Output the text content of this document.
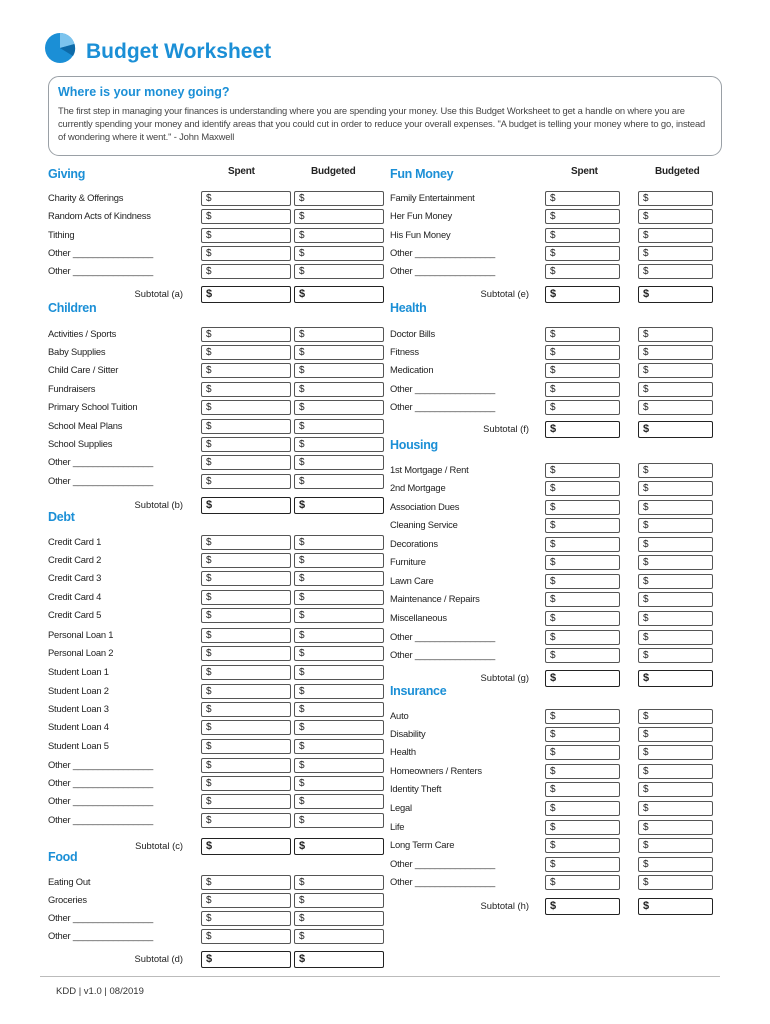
Budget Worksheet
Where is your money going?
The first step in managing your finances is understanding where you are spending your money. Use this Budget Worksheet to get a handle on where you are currently spending your money and identify areas that you could cut in order to reduce your overall expenses. "A budget is telling your money where to go, instead of wondering where it went." - John Maxwell
Spent	Budgeted	Spent	Budgeted
Giving
Charity & Offerings	$	$
Random Acts of Kindness	$	$
Tithing	$	$
Other ________________	$	$
Other ________________	$	$
Subtotal (a)	$	$
Children
Activities / Sports	$	$
Baby Supplies	$	$
Child Care / Sitter	$	$
Fundraisers	$	$
Primary School Tuition	$	$
School Meal Plans	$	$
School Supplies	$	$
Other ________________	$	$
Other ________________	$	$
Subtotal (b)	$	$
Debt
Credit Card 1	$	$
Credit Card 2	$	$
Credit Card 3	$	$
Credit Card 4	$	$
Credit Card 5	$	$
Personal Loan 1	$	$
Personal Loan 2	$	$
Student Loan 1	$	$
Student Loan 2	$	$
Student Loan 3	$	$
Student Loan 4	$	$
Student Loan 5	$	$
Other ________________	$	$
Other ________________	$	$
Other ________________	$	$
Other ________________	$	$
Subtotal (c)	$	$
Food
Eating Out	$	$
Groceries	$	$
Other ________________	$	$
Other ________________	$	$
Subtotal (d)	$	$
Fun Money
Family Entertainment	$	$
Her Fun Money	$	$
His Fun Money	$	$
Other ________________	$	$
Other ________________	$	$
Subtotal (e)	$	$
Health
Doctor Bills	$	$
Fitness	$	$
Medication	$	$
Other ________________	$	$
Other ________________	$	$
Subtotal (f)	$	$
Housing
1st Mortgage / Rent	$	$
2nd Mortgage	$	$
Association Dues	$	$
Cleaning Service	$	$
Decorations	$	$
Furniture	$	$
Lawn Care	$	$
Maintenance / Repairs	$	$
Miscellaneous	$	$
Other ________________	$	$
Other ________________	$	$
Subtotal (g)	$	$
Insurance
Auto	$	$
Disability	$	$
Health	$	$
Homeowners / Renters	$	$
Identity Theft	$	$
Legal	$	$
Life	$	$
Long Term Care	$	$
Other ________________	$	$
Other ________________	$	$
Subtotal (h)	$	$
KDD | v1.0 | 08/2019
